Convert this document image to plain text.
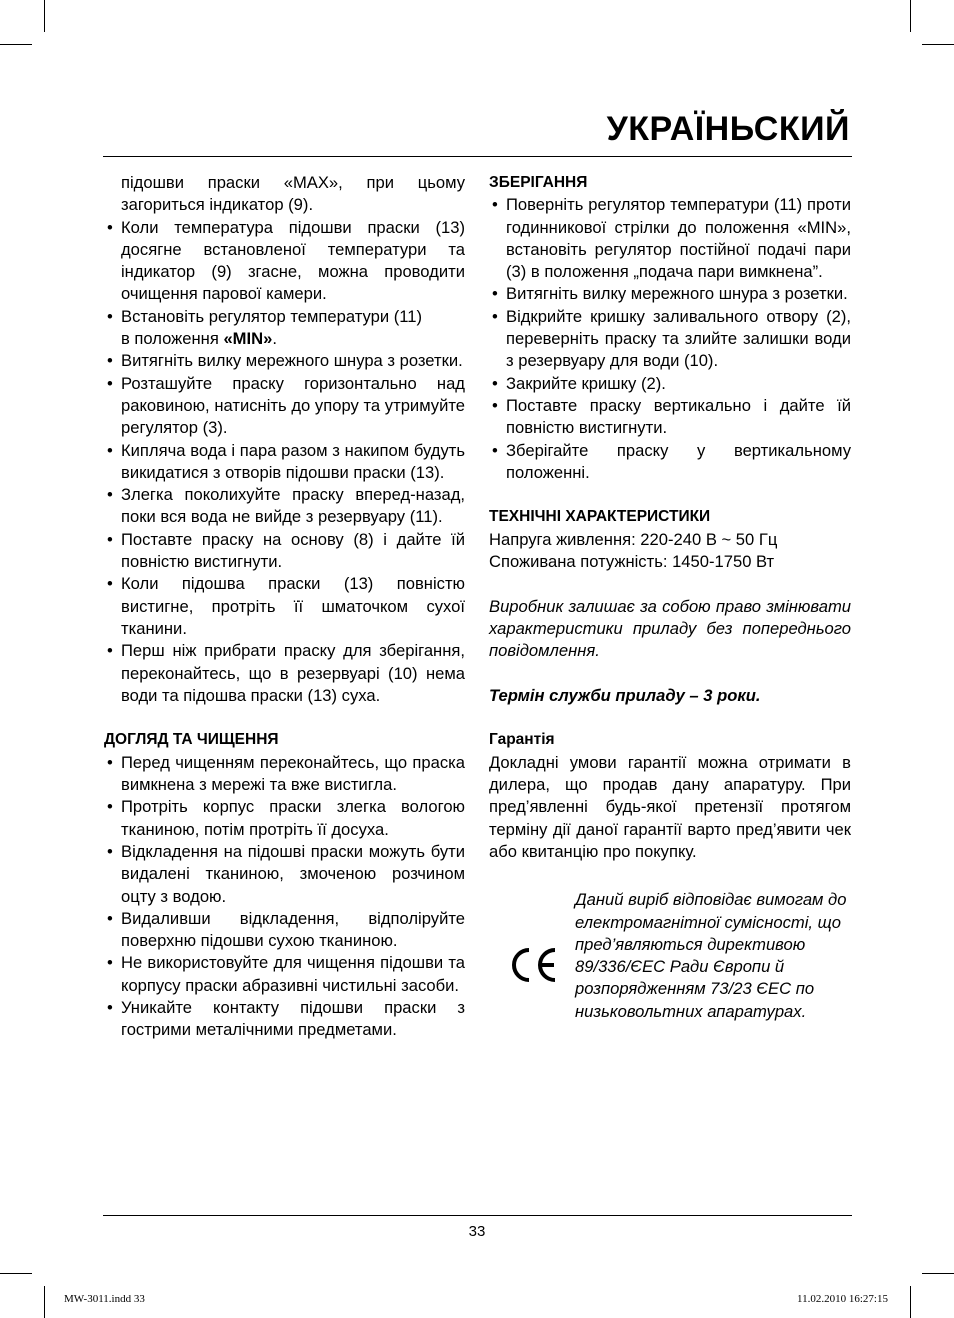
УКРАЇНЬСКИЙ
підошви праски «MAX», при цьому загориться індикатор (9).
• Коли температура підошви праски (13) досягне встановленої температури та індикатор (9) згасне, можна проводити очищення парової камери.
• Встановіть регулятор температури (11)
в положення «MIN».
• Витягніть вилку мережного шнура з розетки.
• Розташуйте праску горизонтально над раковиною, натисніть до упору та утримуйте регулятор (3).
• Кипляча вода і пара разом з накипом будуть викидатися з отворів підошви праски (13).
• Злегка поколихуйте праску вперед-назад, поки вся вода не вийде з резервуару (11).
• Поставте праску на основу (8) і дайте їй повністю вистигнути.
• Коли підошва праски (13) повністю вистигне, протріть її шматочком сухої тканини.
• Перш ніж прибрати праску для зберігання, переконайтесь, що в резервуарі (10) нема води та підошва праски (13) суха.
ДОГЛЯД ТА ЧИЩЕННЯ
• Перед чищенням переконайтесь, що праска вимкнена з мережі та вже вистигла.
• Протріть корпус праски злегка вологою тканиною, потім протріть її досуха.
• Відкладення на підошві праски можуть бути видалені тканиною, змоченою розчином оцту з водою.
• Видаливши відкладення, відполіруйте поверхню підошви сухою тканиною.
• Не використовуйте для чищення підошви та корпусу праски абразивні чистильні засоби.
• Уникайте контакту підошви праски з гострими металічними предметами.
ЗБЕРІГАННЯ
• Поверніть регулятор температури (11) проти годинникової стрілки до положення «MIN», встановіть регулятор постійної подачі пари (3) в положення „подача пари вимкнена”.
• Витягніть вилку мережного шнура з розетки.
• Відкрийте кришку заливального отвору (2), переверніть праску та злийте залишки води з резервуару для води (10).
• Закрийте кришку (2).
• Поставте праску вертикально і дайте їй повністю вистигнути.
• Зберігайте праску у вертикальному положенні.
ТЕХНІЧНІ ХАРАКТЕРИСТИКИ
Напруга живлення: 220-240 В ~ 50 Гц
Споживана потужність: 1450-1750 Вт
Виробник залишає за собою право змінювати характеристики приладу без попереднього повідомлення.
Термін служби приладу – 3 роки.
Гарантія
Докладні умови гарантії можна отримати в дилера, що продав дану апаратуру. При пред’явленні будь-якої претензії протягом терміну дії даної гарантії варто пред’явити чек або квитанцію про покупку.
Даний виріб відповідає вимогам до електромагнітної сумісності, що пред’являються директивою 89/336/ЄЕС Ради Європи й розпорядженням 73/23 ЄЕС по низьковольтних апаратурах.
33
MW-3011.indd 33	11.02.2010 16:27:15
